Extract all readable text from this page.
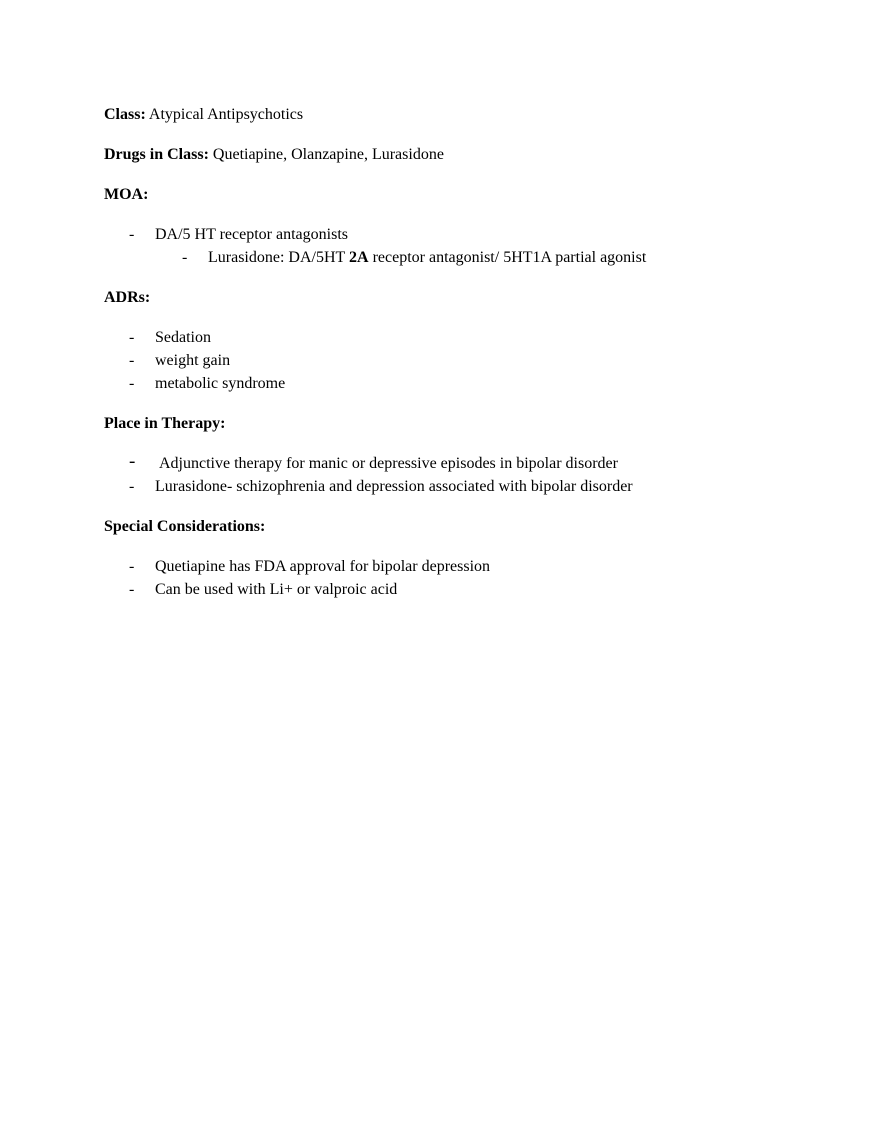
Class: Atypical Antipsychotics

Drugs in Class: Quetiapine, Olanzapine, Lurasidone

MOA:

- DA/5 HT receptor antagonists
- Lurasidone: DA/5HT 2A receptor antagonist/ 5HT1A partial agonist

ADRs:

- Sedation
- weight gain
- metabolic syndrome

Place in Therapy:

- Adjunctive therapy for manic or depressive episodes in bipolar disorder
- Lurasidone- schizophrenia and depression associated with bipolar disorder

Special Considerations:

- Quetiapine has FDA approval for bipolar depression
- Can be used with Li+ or valproic acid
